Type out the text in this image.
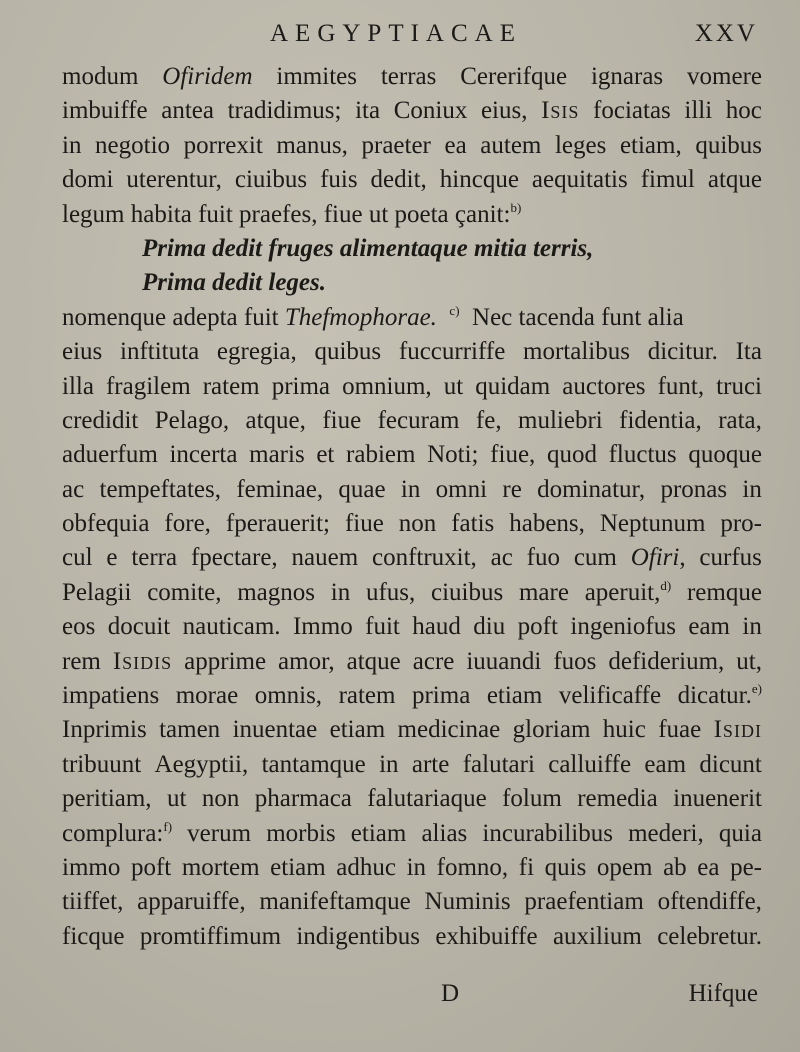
AEGYPTIACAE	XXV
modum Ofiridem immites terras Cererifque ignaras vomere
imbuiffe antea tradidimus; ita Coniux eius, Isis fociatas illi hoc
in negotio porrexit manus, praeter ea autem leges etiam, quibus
domi uterentur, ciuibus fuis dedit, hincque aequitatis fimul atque
legum habita fuit praefes, fiue ut poeta çanit:$^{b)}$
Prima dedit fruges alimentaque mitia terris,
Prima dedit leges.
nomenque adepta fuit Thefmophorae. $^{c)}$  Nec tacenda funt alia
eius inftituta egregia, quibus fuccurriffe mortalibus dicitur. Ita
illa fragilem ratem prima omnium, ut quidam auctores funt, truci
credidit Pelago, atque, fiue fecuram fe, muliebri fidentia, rata,
aduerfum incerta maris et rabiem Noti; fiue, quod fluctus quoque
ac tempeftates, feminae, quae in omni re dominatur, pronas in
obfequia fore, fperauerit; fiue non fatis habens, Neptunum pro-
cul e terra fpectare, nauem conftruxit, ac fuo cum Ofiri, curfus
Pelagii comite, magnos in ufus, ciuibus mare aperuit,$^{d)}$ remque
eos docuit nauticam. Immo fuit haud diu poft ingeniofus eam in
rem Isidis apprime amor, atque acre iuuandi fuos defiderium, ut,
impatiens morae omnis, ratem prima etiam velificaffe dicatur.$^{e)}$
Inprimis tamen inuentae etiam medicinae gloriam huic fuae Isidi
tribuunt Aegyptii, tantamque in arte falutari calluiffe eam dicunt
peritiam, ut non pharmaca falutariaque folum remedia inuenerit
complura:$^{f)}$ verum morbis etiam alias incurabilibus mederi, quia
immo poft mortem etiam adhuc in fomno, fi quis opem ab ea pe-
tiiffet, apparuiffe, manifeftamque Numinis praefentiam oftendiffe,
ficque promtiffimum indigentibus exhibuiffe auxilium celebretur.
D	Hifque
